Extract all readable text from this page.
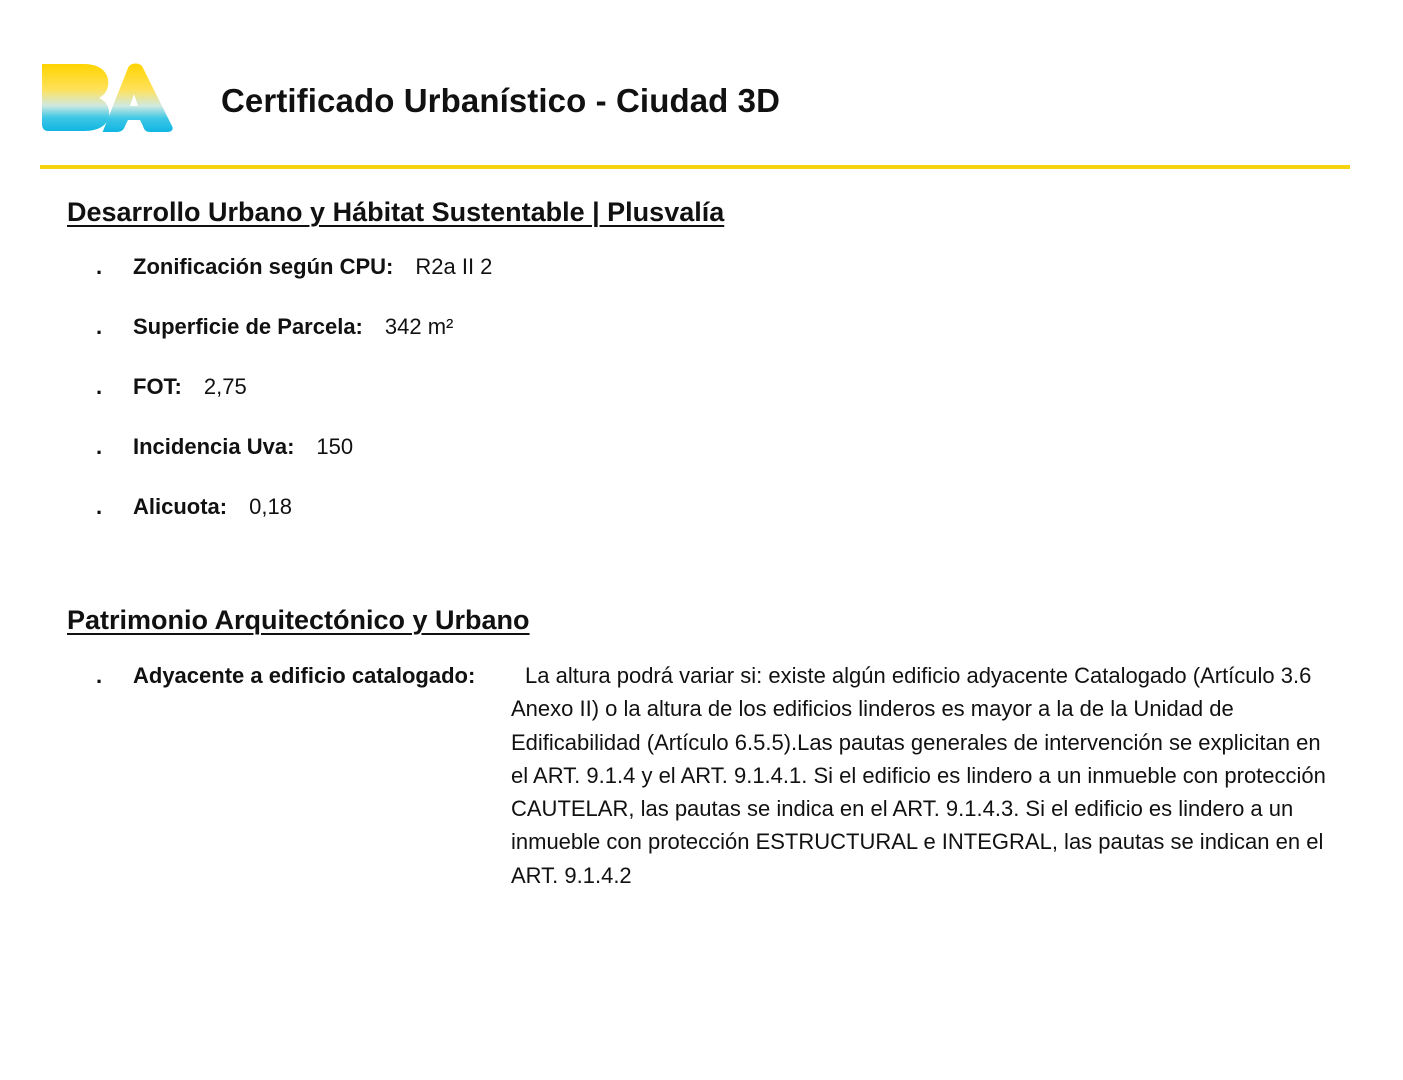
Certificado Urbanístico - Ciudad 3D
Desarrollo Urbano y Hábitat Sustentable | Plusvalía
. Zonificación según CPU: R2a II 2
. Superficie de Parcela: 342 m²
. FOT: 2,75
. Incidencia Uva: 150
. Alicuota: 0,18
Patrimonio Arquitectónico y Urbano
. Adyacente a edificio catalogado:	La altura podrá variar si: existe algún edificio adyacente Catalogado (Artículo 3.6 Anexo II) o la altura de los edificios linderos es mayor a la de la Unidad de Edificabilidad (Artículo 6.5.5).Las pautas generales de intervención se explicitan en el ART. 9.1.4 y el ART. 9.1.4.1. Si el edificio es lindero a un inmueble con protección CAUTELAR, las pautas se indica en el ART. 9.1.4.3. Si el edificio es lindero a un inmueble con protección ESTRUCTURAL e INTEGRAL, las pautas se indican en el ART. 9.1.4.2
